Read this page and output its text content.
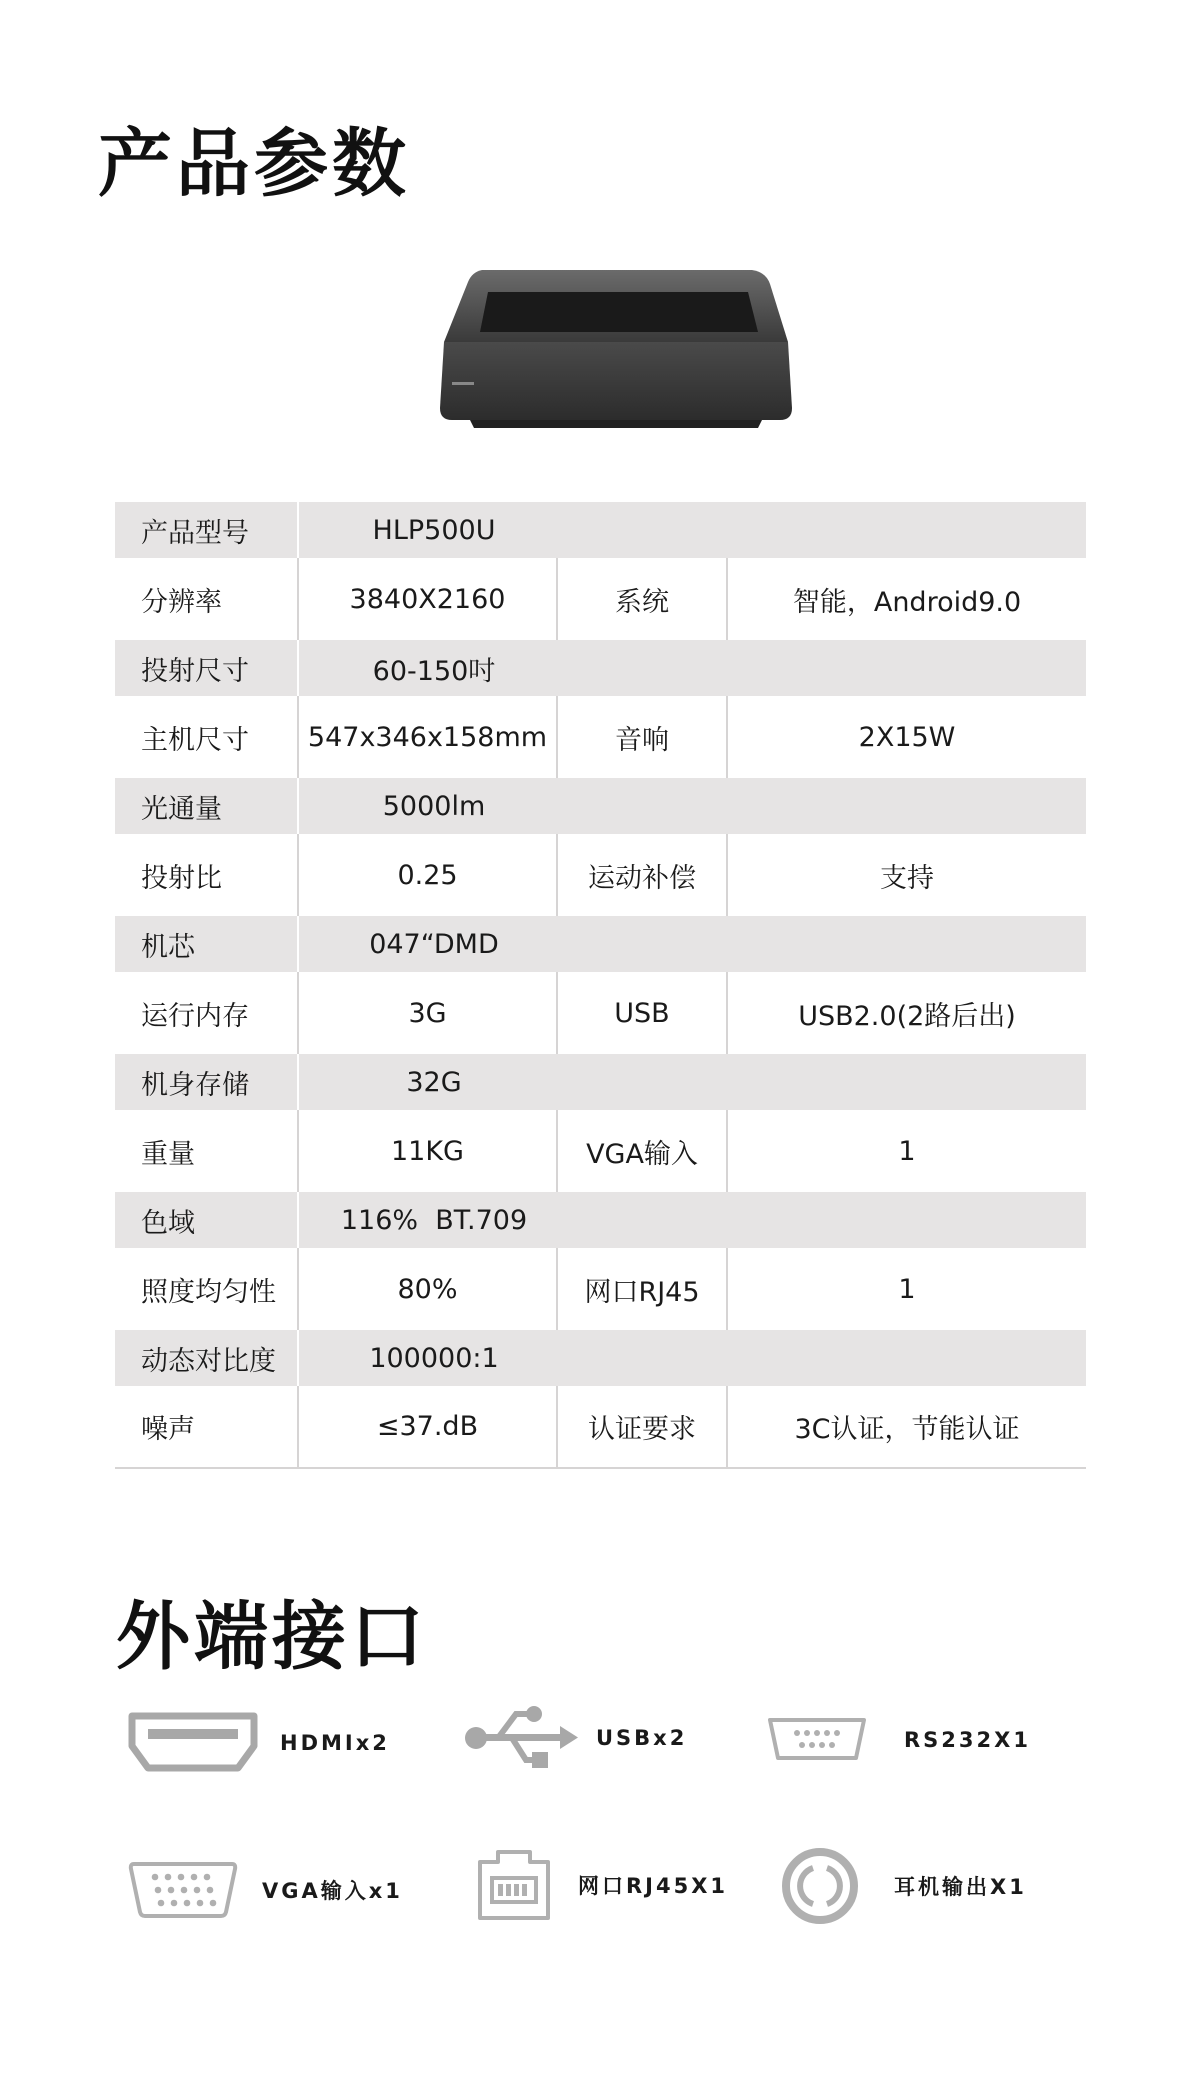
产品参数
产品型号	HLP500U		
分辨率	3840X2160	系统	智能，Android9.0
投射尺寸	60-150吋		
主机尺寸	547x346x158mm	音响	2X15W
光通量	5000lm		
投射比	0.25	运动补偿	支持
机芯	047“DMD		
运行内存	3G	USB	USB2.0(2路后出)
机身存储	32G		
重量	11KG	VGA输入	1
色域	116%  BT.709		
照度均匀性	80%	网口RJ45	1
动态对比度	100000:1		
噪声	≤37.dB	认证要求	3C认证，节能认证
外端接口
HDMIx2	USBx2	RS232X1
VGA输入x1	网口RJ45X1	耳机输出X1
